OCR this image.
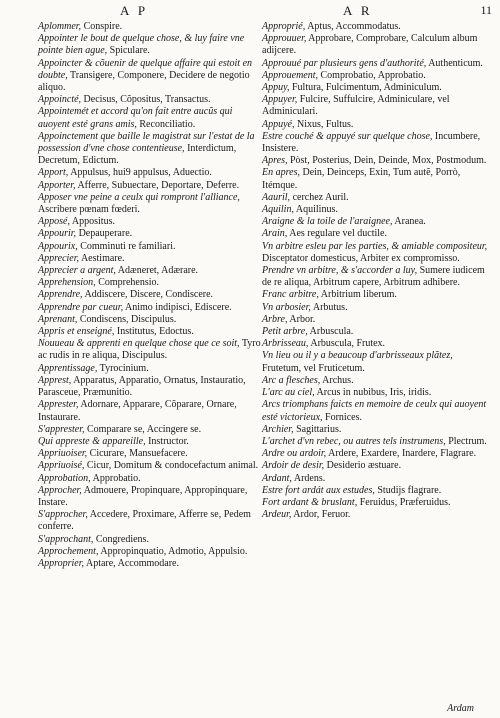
A P	A R	11
Aplommer, Conspire.
Appointer le bout de quelque chose, & luy faire vne pointe bien ague, Spiculare.
Appoincter & cõuenir de quelque affaire qui estoit en doubte, Transigere, Componere, Decidere de negotio aliquo.
Appoincté, Decisus, Cõpositus, Transactus.
Appointemét et accord qu'on fait entre aucũs qui auoyent esté grans amis, Reconciliatio.
Appoinctement que baille le magistrat sur l'estat de la possession d'vne chose contentieuse, Interdictum, Decretum, Edictum.
Apport, Appulsus, hui9 appulsus, Aduectio.
Apporter, Afferre, Subuectare, Deportare, Deferre.
Apposer vne peine a ceulx qui rompront l'alliance, Ascribere pœnam fœderi.
Apposé, Appositus.
Appourir, Depauperare.
Appourix, Comminuti re familiari.
Apprecier, Aestimare.
Apprecier a argent, Adæneret, Adærare.
Apprehension, Comprehensio.
Apprendre, Addiscere, Discere, Condiscere.
Apprendre par cueur, Animo indipisci, Ediscere.
Aprenant, Condiscens, Discipulus.
Appris et enseigné, Institutus, Edoctus.
Nouueau & apprenti en quelque chose que ce soit, Tyro ac rudis in re aliqua, Discipulus.
Apprentissage, Tyrocinium.
Apprest, Apparatus, Apparatio, Ornatus, Instauratio, Parasceue, Præmunitio.
Apprester, Adornare, Apparare, Cõparare, Ornare, Instaurare.
S'apprester, Comparare se, Accingere se.
Qui appreste & appareille, Instructor.
Appriuoiser, Cicurare, Mansuefacere.
Appriuoisé, Cicur, Domitum & condocefactum animal.
Approbation, Approbatio.
Approcher, Admouere, Propinquare, Appropinquare, Instare.
S'approcher, Accedere, Proximare, Afferre se, Pedem conferre.
S'approchant, Congrediens.
Approchement, Appropinquatio, Admotio, Appulsio.
Approprier, Aptare, Accommodare.
Approprié, Aptus, Accommodatus.
Approuuer, Approbare, Comprobare, Calculum album adijcere.
Approuué par plusieurs gens d'authorité, Authenticum.
Approuement, Comprobatio, Approbatio.
Appuy, Fultura, Fulcimentum, Adminiculum.
Appuyer, Fulcire, Suffulcire, Adminiculare, vel Adminiculari.
Appuyé, Nixus, Fultus.
Estre couché & appuyé sur quelque chose, Incumbere, Insistere.
Apres, Pòst, Posterius, Dein, Deinde, Mox, Postmodum.
En apres, Dein, Deinceps, Exin, Tum autẽ, Porrò, Itémque.
Aauril, cerchez Auril.
Aquilin, Aquilinus.
Araigne & la toile de l'araignee, Aranea.
Arain, Aes regulare vel ductile.
Vn arbitre esleu par les parties, & amiable compositeur, Disceptator domesticus, Arbiter ex compromisso.
Prendre vn arbitre, & s'accorder a luy, Sumere iudicem de re aliqua, Arbitrum capere, Arbitrum adhibere.
Franc arbitre, Arbitrium liberum.
Vn arbosier, Arbutus.
Arbre, Arbor.
Petit arbre, Arbuscula.
Arbrisseau, Arbuscula, Frutex.
Vn lieu ou il y a beaucoup d'arbrisseaux plãtez, Frutetum, vel Fruticetum.
Arc a flesches, Archus.
L'arc au ciel, Arcus in nubibus, Iris, iridis.
Arcs triomphans faicts en memoire de ceulx qui auoyent esté victorieux, Fornices.
Archier, Sagittarius.
L'archet d'vn rebec, ou autres tels instrumens, Plectrum.
Ardre ou ardoir, Ardere, Exardere, Inardere, Flagrare.
Ardoir de desir, Desiderio æstuare.
Ardant, Ardens.
Estre fort ardát aux estudes, Studijs flagrare.
Fort ardant & bruslant, Feruidus, Præferuidus.
Ardeur, Ardor, Feruor.
Ardam
